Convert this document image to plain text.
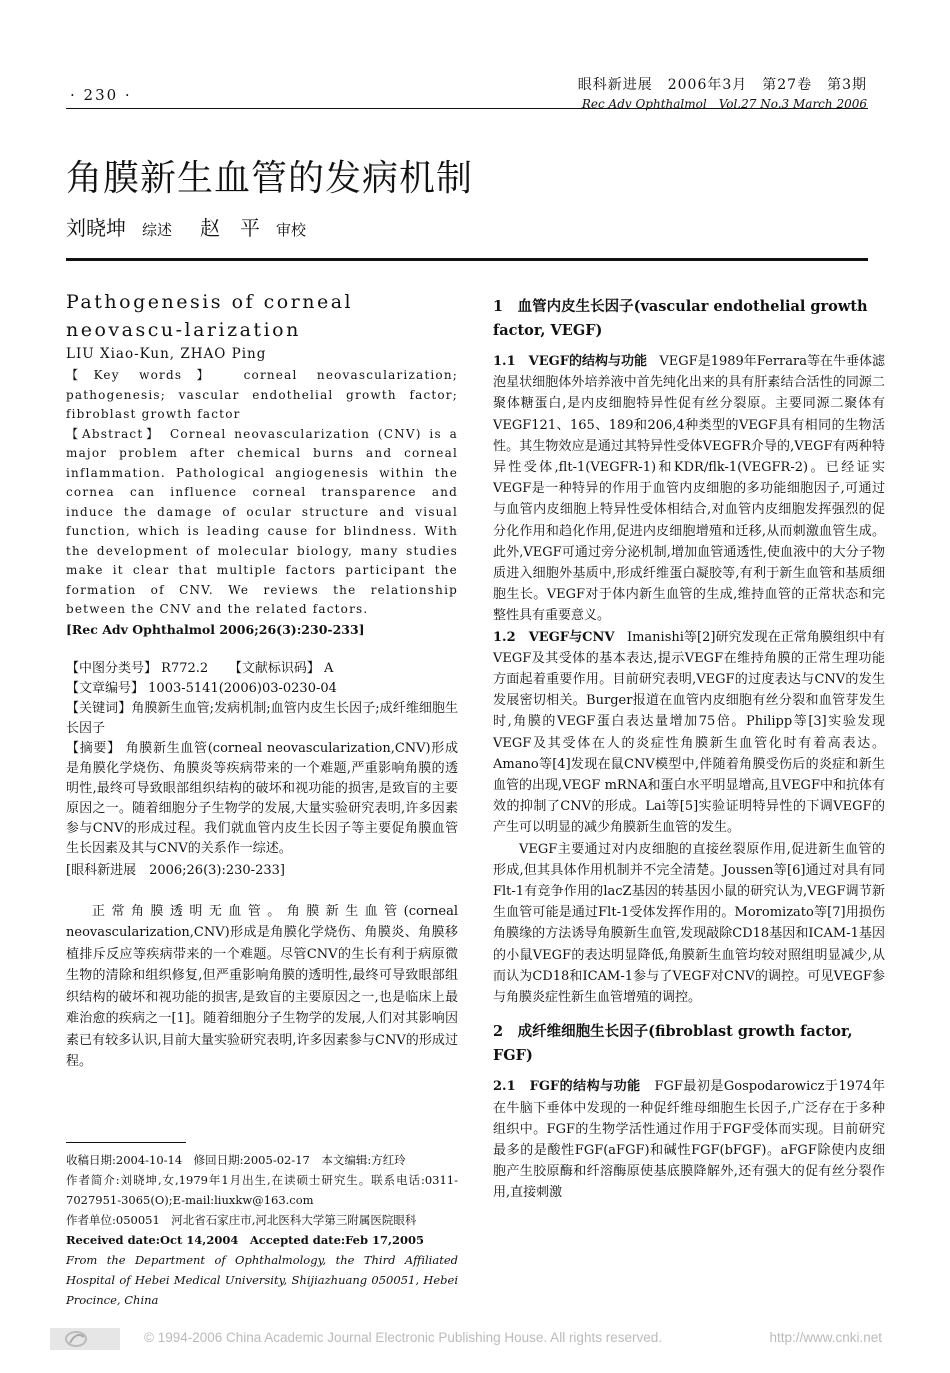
· 230 ·
眼科新进展　2006年3月　第27卷　第3期
Rec Adv Ophthalmol　Vol.27 No.3 March 2006
角膜新生血管的发病机制
刘晓坤 综述 赵　平 审校
Pathogenesis of corneal neovascu-larization
LIU Xiao-Kun, ZHAO Ping
【Key words】 corneal neovascularization; pathogenesis; vascular endothelial growth factor; fibroblast growth factor
【Abstract】 Corneal neovascularization (CNV) is a major problem after chemical burns and corneal inflammation. Pathological angiogenesis within the cornea can influence corneal transparence and induce the damage of ocular structure and visual function, which is leading cause for blindness. With the development of molecular biology, many studies make it clear that multiple factors participant the formation of CNV. We reviews the relationship between the CNV and the related factors.
[Rec Adv Ophthalmol 2006;26(3):230-233]
【中图分类号】 R772.2 【文献标识码】 A
【文章编号】 1003-5141(2006)03-0230-04
【关键词】角膜新生血管;发病机制;血管内皮生长因子;成纤维细胞生长因子
【摘要】 角膜新生血管(corneal neovascularization,CNV)形成是角膜化学烧伤、角膜炎等疾病带来的一个难题,严重影响角膜的透明性,最终可导致眼部组织结构的破坏和视功能的损害,是致盲的主要原因之一。随着细胞分子生物学的发展,大量实验研究表明,许多因素参与CNV的形成过程。我们就血管内皮生长因子等主要促角膜血管生长因素及其与CNV的关系作一综述。
[眼科新进展　2006;26(3):230-233]

正常角膜透明无血管。角膜新生血管(corneal neovascularization,CNV)形成是角膜化学烧伤、角膜炎、角膜移植排斥反应等疾病带来的一个难题。尽管CNV的生长有利于病原微生物的清除和组织修复,但严重影响角膜的透明性,最终可导致眼部组织结构的破坏和视功能的损害,是致盲的主要原因之一,也是临床上最难治愈的疾病之一[1]。随着细胞分子生物学的发展,人们对其影响因素已有较多认识,目前大量实验研究表明,许多因素参与CNV的形成过程。

收稿日期:2004-10-14　修回日期:2005-02-17　本文编辑:方红玲
作者简介:刘晓坤,女,1979年1月出生,在读硕士研究生。联系电话:0311-7027951-3065(O);E-mail:liuxkw@163.com
作者单位:050051　河北省石家庄市,河北医科大学第三附属医院眼科
Received date:Oct 14,2004　Accepted date:Feb 17,2005
From the Department of Ophthalmology, the Third Affiliated Hospital of Hebei Medical University, Shijiazhuang 050051, Hebei Procince, China
1　血管内皮生长因子(vascular endothelial growth factor, VEGF)

1.1　VEGF的结构与功能 VEGF是1989年Ferrara等在牛垂体滤泡星状细胞体外培养液中首先纯化出来的具有肝素结合活性的同源二聚体糖蛋白,是内皮细胞特异性促有丝分裂原。主要同源二聚体有VEGF121、165、189和206,4种类型的VEGF具有相同的生物活性。其生物效应是通过其特异性受体VEGFR介导的,VEGF有两种特异性受体,flt-1(VEGFR-1)和KDR/flk-1(VEGFR-2)。已经证实VEGF是一种特异的作用于血管内皮细胞的多功能细胞因子,可通过与血管内皮细胞上特异性受体相结合,对血管内皮细胞发挥强烈的促分化作用和趋化作用,促进内皮细胞增殖和迁移,从而刺激血管生成。此外,VEGF可通过旁分泌机制,增加血管通透性,使血液中的大分子物质进入细胞外基质中,形成纤维蛋白凝胶等,有利于新生血管和基质细胞生长。VEGF对于体内新生血管的生成,维持血管的正常状态和完整性具有重要意义。

1.2　VEGF与CNV Imanishi等[2]研究发现在正常角膜组织中有VEGF及其受体的基本表达,提示VEGF在维持角膜的正常生理功能方面起着重要作用。目前研究表明,VEGF的过度表达与CNV的发生发展密切相关。Burger报道在血管内皮细胞有丝分裂和血管芽发生时,角膜的VEGF蛋白表达量增加75倍。Philipp等[3]实验发现VEGF及其受体在人的炎症性角膜新生血管化时有着高表达。Amano等[4]发现在鼠CNV模型中,伴随着角膜受伤后的炎症和新生血管的出现,VEGF mRNA和蛋白水平明显增高,且VEGF中和抗体有效的抑制了CNV的形成。Lai等[5]实验证明特异性的下调VEGF的产生可以明显的减少角膜新生血管的发生。

VEGF主要通过对内皮细胞的直接丝裂原作用,促进新生血管的形成,但其具体作用机制并不完全清楚。Joussen等[6]通过对具有同Flt-1有竞争作用的lacZ基因的转基因小鼠的研究认为,VEGF调节新生血管可能是通过Flt-1受体发挥作用的。Moromizato等[7]用损伤角膜缘的方法诱导角膜新生血管,发现敲除CD18基因和ICAM-1基因的小鼠VEGF的表达明显降低,角膜新生血管均较对照组明显减少,从而认为CD18和ICAM-1参与了VEGF对CNV的调控。可见VEGF参与角膜炎症性新生血管增殖的调控。

2　成纤维细胞生长因子(fibroblast growth factor, FGF)

2.1　FGF的结构与功能 FGF最初是Gospodarowicz于1974年在牛脑下垂体中发现的一种促纤维母细胞生长因子,广泛存在于多种组织中。FGF的生物学活性通过作用于FGF受体而实现。目前研究最多的是酸性FGF(aFGF)和碱性FGF(bFGF)。aFGF除使内皮细胞产生胶原酶和纤溶酶原使基底膜降解外,还有强大的促有丝分裂作用,直接刺激

© 1994-2006 China Academic Journal Electronic Publishing House. All rights reserved.	http://www.cnki.net
